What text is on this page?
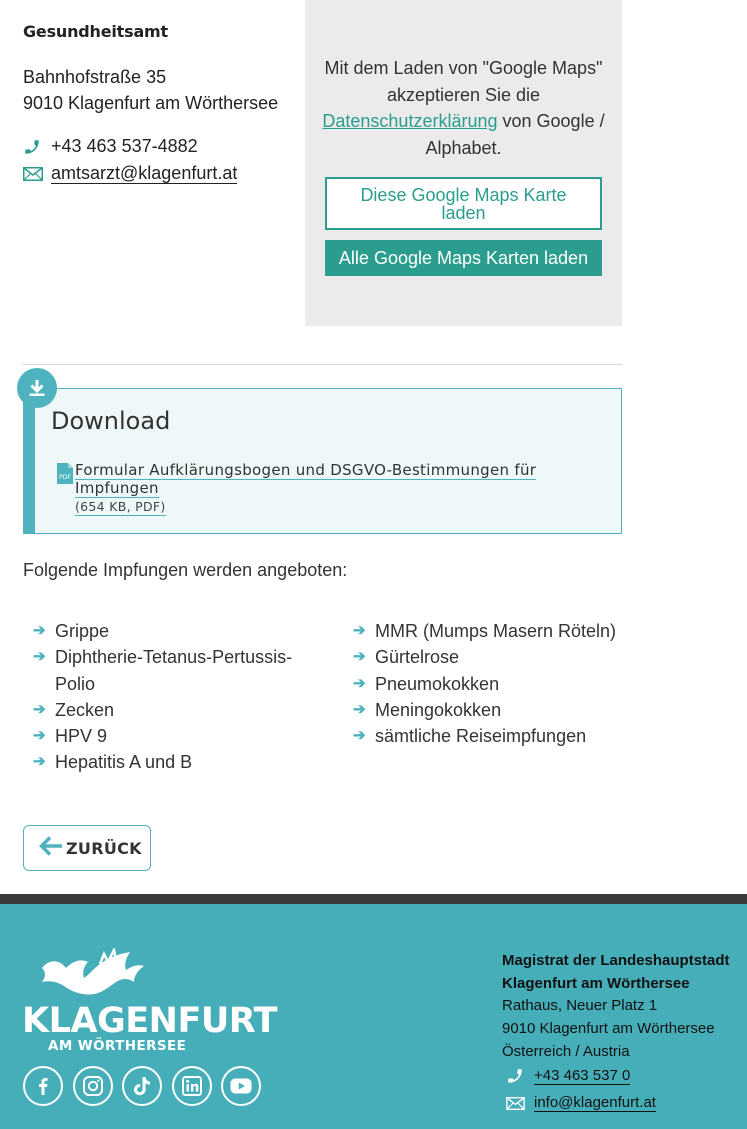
Gesundheitsamt
Bahnhofstraße 35
9010 Klagenfurt am Wörthersee
+43 463 537-4882
amtsarzt@klagenfurt.at

Mit dem Laden von "Google Maps" akzeptieren Sie die Datenschutzerklärung von Google / Alphabet.

Diese Google Maps Karte laden
Alle Google Maps Karten laden
Download
PDF Formular Aufklärungsbogen und DSGVO-Bestimmungen für Impfungen
(654 KB, PDF)
Folgende Impfungen werden angeboten:
➔ Grippe
➔ Diphtherie-Tetanus-Pertussis-Polio
➔ Zecken
➔ HPV 9
➔ Hepatitis A und B
➔ MMR (Mumps Masern Röteln)
➔ Gürtelrose
➔ Pneumokokken
➔ Meningokokken
➔ sämtliche Reiseimpfungen
ZURÜCK
KLAGENFURT
AM WÖRTHERSEE
Magistrat der Landeshauptstadt
Klagenfurt am Wörthersee
Rathaus, Neuer Platz 1
9010 Klagenfurt am Wörthersee
Österreich / Austria
+43 463 537 0
info@klagenfurt.at
